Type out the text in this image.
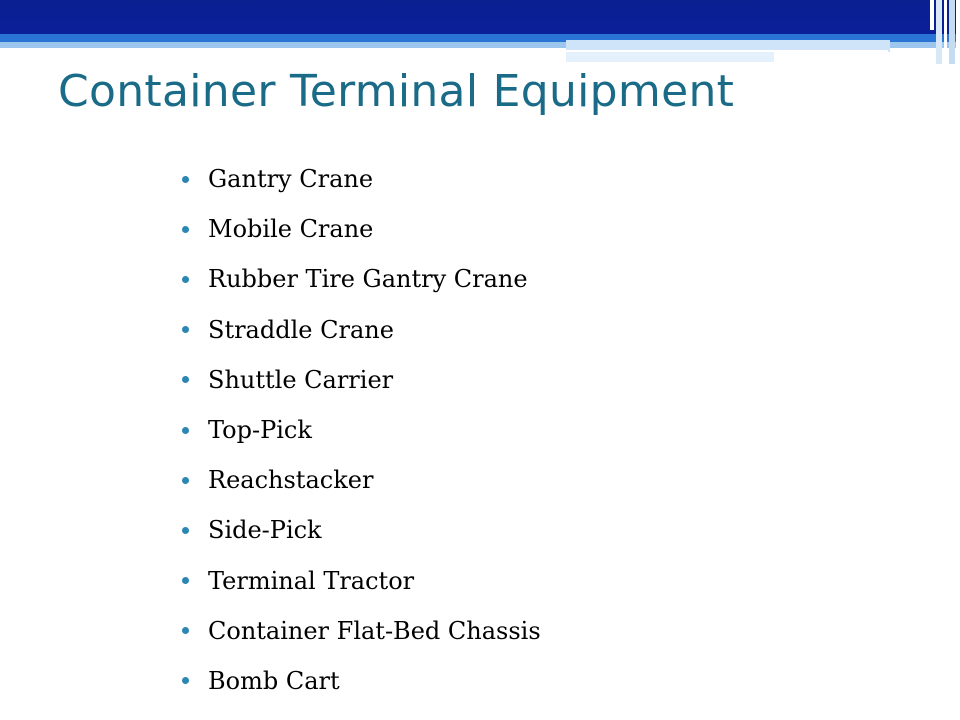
Container Terminal Equipment
Gantry Crane
Mobile Crane
Rubber Tire Gantry Crane
Straddle Crane
Shuttle Carrier
Top-Pick
Reachstacker
Side-Pick
Terminal Tractor
Container Flat-Bed Chassis
Bomb Cart
